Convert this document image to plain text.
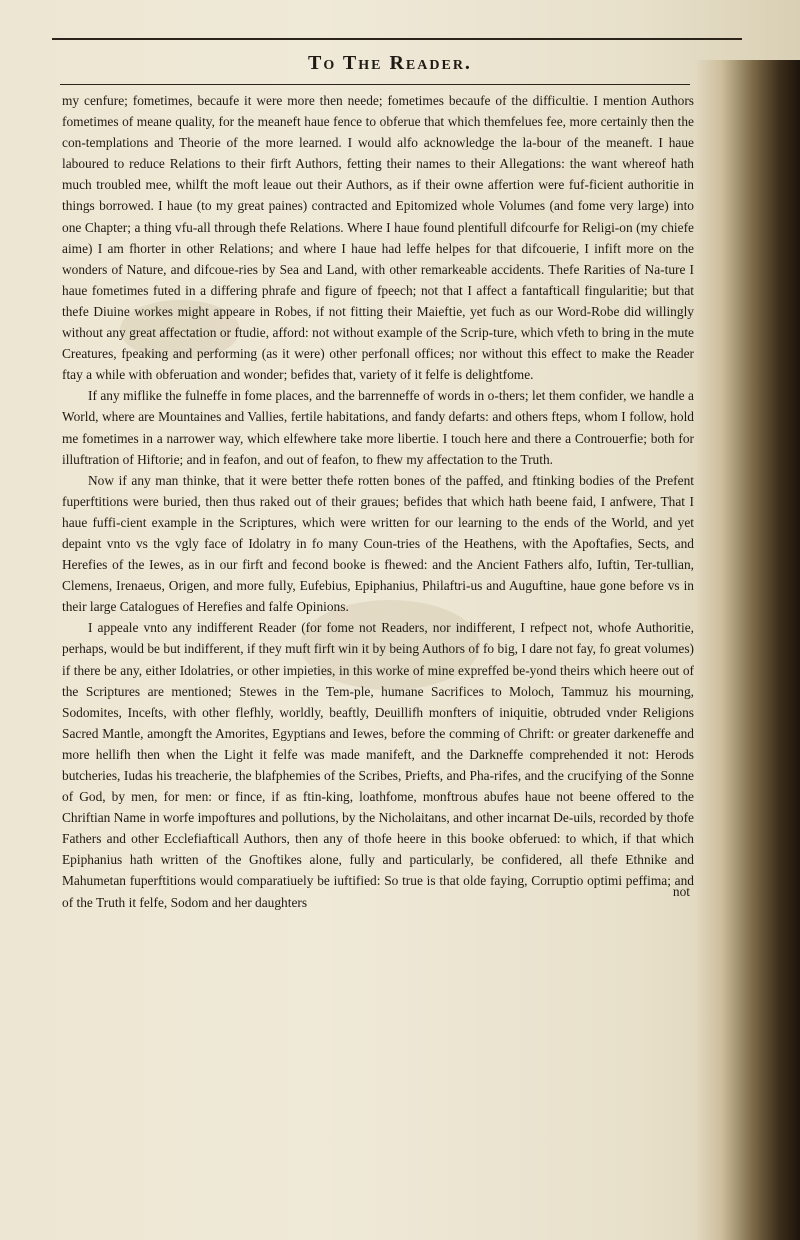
To The Reader.

my cenfure; fometimes, becaufe it were more then neede; fometimes becaufe of the difficultie. I mention Authors fometimes of meane quality, for the meaneft haue fence to obferue that which themfelues fee, more certainly then the con-templations and Theorie of the more learned. I would alfo acknowledge the la-bour of the meaneft. I haue laboured to reduce Relations to their firft Authors, fetting their names to their Allegations: the want whereof hath much troubled mee, whilft the moft leaue out their Authors, as if their owne affertion were fuf-ficient authoritie in things borrowed. I haue (to my great paines) contracted and Epitomized whole Volumes (and fome very large) into one Chapter; a thing vfu-all through thefe Relations. Where I haue found plentifull difcourfe for Religi-on (my chiefe aime) I am fhorter in other Relations; and where I haue had leffe helpes for that difcouerie, I infift more on the wonders of Nature, and difcoue-ries by Sea and Land, with other remarkeable accidents. Thefe Rarities of Na-ture I haue fometimes futed in a differing phrafe and figure of fpeech; not that I affect a fantafticall fingularitie; but that thefe Diuine workes might appeare in Robes, if not fitting their Maieftie, yet fuch as our Word-Robe did willingly without any great affectation or ftudie, afford: not without example of the Scrip-ture, which vfeth to bring in the mute Creatures, fpeaking and performing (as it were) other perfonall offices; nor without this effect to make the Reader ftay a while with obferuation and wonder; befides that, variety of it felfe is delightfome.

If any miflike the fulneffe in fome places, and the barrenneffe of words in o-thers; let them confider, we handle a World, where are Mountaines and Vallies, fertile habitations, and fandy defarts: and others fteps, whom I follow, hold me fometimes in a narrower way, which elfewhere take more libertie. I touch here and there a Controuerfie; both for illuftration of Hiftorie; and in feafon, and out of feafon, to fhew my affectation to the Truth.

Now if any man thinke, that it were better thefe rotten bones of the paffed, and ftinking bodies of the Prefent fuperftitions were buried, then thus raked out of their graues; befides that which hath beene faid, I anfwere, That I haue fuffi-cient example in the Scriptures, which were written for our learning to the ends of the World, and yet depaint vnto vs the vgly face of Idolatry in fo many Coun-tries of the Heathens, with the Apoftafies, Sects, and Herefies of the Iewes, as in our firft and fecond booke is fhewed: and the Ancient Fathers alfo, Iuftin, Ter-tullian, Clemens, Irenaeus, Origen, and more fully, Eufebius, Epiphanius, Philaftri-us and Auguftine, haue gone before vs in their large Catalogues of Herefies and falfe Opinions.

I appeale vnto any indifferent Reader (for fome not Readers, nor indifferent, I refpect not, whofe Authoritie, perhaps, would be but indifferent, if they muft firft win it by being Authors of fo big, I dare not fay, fo great volumes) if there be any, either Idolatries, or other impieties, in this worke of mine expreffed be-yond theirs which heere out of the Scriptures are mentioned; Stewes in the Tem-ple, humane Sacrifices to Moloch, Tammuz his mourning, Sodomites, Inceſts, with other flefhly, worldly, beaftly, Deuillifh monfters of iniquitie, obtruded vnder Religions Sacred Mantle, amongft the Amorites, Egyptians and Iewes, before the comming of Chrift: or greater darkeneffe and more hellifh then when the Light it felfe was made manifeft, and the Darkneffe comprehended it not: Herods butcheries, Iudas his treacherie, the blafphemies of the Scribes, Priefts, and Pha-rifes, and the crucifying of the Sonne of God, by men, for men: or fince, if as ftin-king, loathfome, monftrous abufes haue not beene offered to the Chriftian Name in worfe impoftures and pollutions, by the Nicholaitans, and other incarnat De-uils, recorded by thofe Fathers and other Ecclefiafticall Authors, then any of thofe heere in this booke obferued: to which, if that which Epiphanius hath written of the Gnoftikes alone, fully and particularly, be confidered, all thefe Ethnike and Mahumetan fuperftitions would comparatiuely be iuftified: So true is that olde faying, Corruptio optimi peffima; and of the Truth it felfe, Sodom and her daughters

not
